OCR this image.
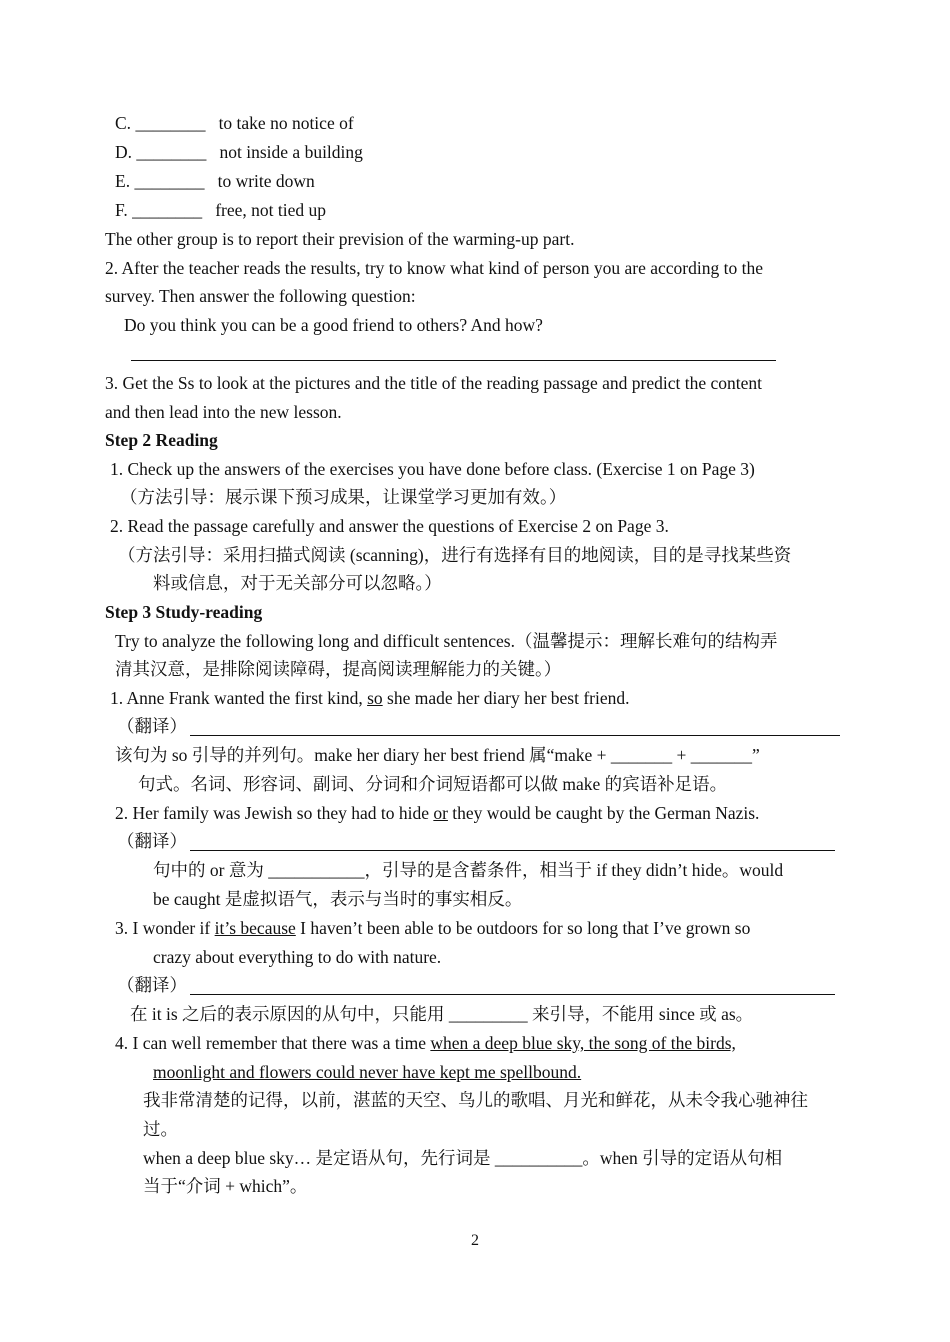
C. ________ to take no notice of
D. ________ not inside a building
E. ________ to write down
F. ________ free, not tied up
The other group is to report their prevision of the warming-up part.
2. After the teacher reads the results, try to know what kind of person you are according to the
survey. Then answer the following question:
Do you think you can be a good friend to others? And how?
3. Get the Ss to look at the pictures and the title of the reading passage and predict the content
and then lead into the new lesson.
Step 2 Reading
1. Check up the answers of the exercises you have done before class. (Exercise 1 on Page 3)
（方法引导：展示课下预习成果，让课堂学习更加有效。）
2. Read the passage carefully and answer the questions of Exercise 2 on Page 3.
（方法引导：采用扫描式阅读 (scanning)，进行有选择有目的地阅读，目的是寻找某些资
料或信息，对于无关部分可以忽略。）
Step 3 Study-reading
Try to analyze the following long and difficult sentences.（温馨提示：理解长难句的结构弄
清其汉意，是排除阅读障碍，提高阅读理解能力的关键。）
1. Anne Frank wanted the first kind, so she made her diary her best friend.
（翻译）
该句为 so 引导的并列句。make her diary her best friend 属“make + _______ + _______”
句式。名词、形容词、副词、分词和介词短语都可以做 make 的宾语补足语。
2. Her family was Jewish so they had to hide or they would be caught by the German Nazis.
（翻译）
句中的 or 意为 ___________，引导的是含蓄条件，相当于 if they didn’t hide。would
be caught 是虚拟语气，表示与当时的事实相反。
3. I wonder if it’s because I haven’t been able to be outdoors for so long that I’ve grown so
crazy about everything to do with nature.
（翻译）
在 it is 之后的表示原因的从句中，只能用 _________ 来引导，不能用 since 或 as。
4. I can well remember that there was a time when a deep blue sky, the song of the birds,
moonlight and flowers could never have kept me spellbound.
我非常清楚的记得，以前，湛蓝的天空、鸟儿的歌唱、月光和鲜花，从未令我心驰神往
过。
when a deep blue sky… 是定语从句，先行词是 __________。when 引导的定语从句相
当于“介词 + which”。
2
